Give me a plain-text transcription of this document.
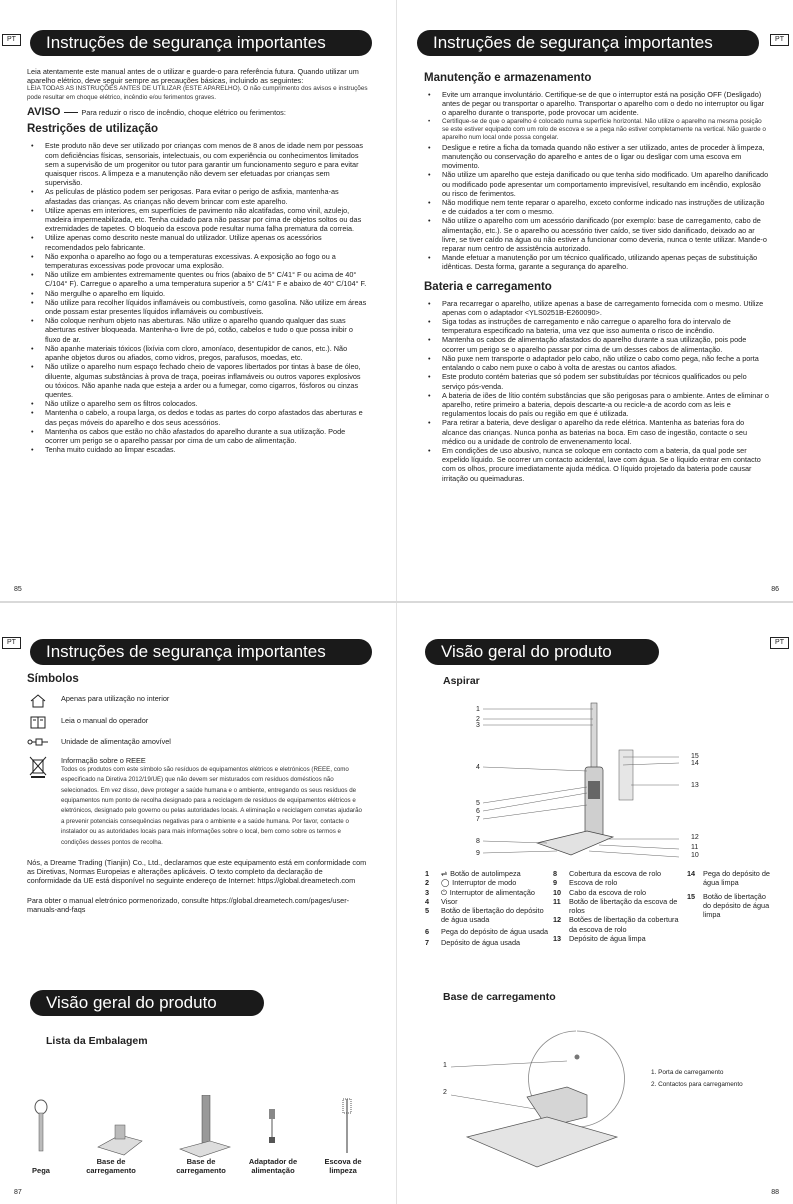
PT	Instruções de segurança importantes

Leia atentamente este manual antes de o utilizar e guarde-o para referência futura. Quando utilizar um aparelho elétrico, deve seguir sempre as precauções básicas, incluindo as seguintes:

LEIA TODAS AS INSTRUÇÕES ANTES DE UTILIZAR (ESTE APARELHO). O não cumprimento dos avisos e instruções pode resultar em choque elétrico, incêndio e/ou ferimentos graves.

AVISO	Para reduzir o risco de incêndio, choque elétrico ou ferimentos:
Restrições de utilização
• Este produto não deve ser utilizado por crianças com menos de 8 anos de idade nem por pessoas com deficiências físicas, sensoriais, intelectuais, ou com experiência ou conhecimentos limitados sem a supervisão de um progenitor ou tutor para garantir um funcionamento seguro e para evitar quaisquer riscos. A limpeza e a manutenção não devem ser efetuadas por crianças sem supervisão.
• As películas de plástico podem ser perigosas. Para evitar o perigo de asfixia, mantenha-as afastadas das crianças. As crianças não devem brincar com este aparelho.
• Utilize apenas em interiores, em superfícies de pavimento não alcatifadas, como vinil, azulejo, madeira impermeabilizada, etc. Tenha cuidado para não passar por cima de objetos soltos ou das extremidades de tapetes. O bloqueio da escova pode resultar numa falha prematura da correia.
• Utilize apenas como descrito neste manual do utilizador. Utilize apenas os acessórios recomendados pelo fabricante.
• Não exponha o aparelho ao fogo ou a temperaturas excessivas. A exposição ao fogo ou a temperaturas excessivas pode provocar uma explosão.
• Não utilize em ambientes extremamente quentes ou frios (abaixo de 5° C/41° F ou acima de 40° C/104° F). Carregue o aparelho a uma temperatura superior a 5° C/41° F e abaixo de 40° C/104° F.
• Não mergulhe o aparelho em líquido.
• Não utilize para recolher líquidos inflamáveis ou combustíveis, como gasolina. Não utilize em áreas onde possam estar presentes líquidos inflamáveis ou combustíveis.
• Não coloque nenhum objeto nas aberturas. Não utilize o aparelho quando qualquer das suas aberturas estiver bloqueada. Mantenha-o livre de pó, cotão, cabelos e tudo o que possa inibir o fluxo de ar.
• Não apanhe materiais tóxicos (lixívia com cloro, amoníaco, desentupidor de canos, etc.). Não apanhe objetos duros ou afiados, como vidros, pregos, parafusos, moedas, etc.
• Não utilize o aparelho num espaço fechado cheio de vapores libertados por tintas à base de óleo, diluente, algumas substâncias à prova de traça, poeiras inflamáveis ou outros vapores explosivos ou tóxicos. Não apanhe nada que esteja a arder ou a fumegar, como cigarros, fósforos ou cinzas quentes.
• Não utilize o aparelho sem os filtros colocados.
• Mantenha o cabelo, a roupa larga, os dedos e todas as partes do corpo afastados das aberturas e das peças móveis do aparelho e dos seus acessórios.
• Mantenha os cabos que estão no chão afastados do aparelho durante a sua utilização. Pode ocorrer um perigo se o aparelho passar por cima de um cabo de alimentação.
• Tenha muito cuidado ao limpar escadas.
85
Instruções de segurança importantes	PT
Manutenção e armazenamento
• Evite um arranque involuntário. Certifique-se de que o interruptor está na posição OFF (Desligado) antes de pegar ou transportar o aparelho. Transportar o aparelho com o dedo no interruptor ou ligar o aparelho durante o transporte, pode provocar um acidente.
• Certifique-se de que o aparelho é colocado numa superfície horizontal. Não utilize o aparelho na mesma posição se este estiver equipado com um rolo de escova e se a pega não estiver completamente na vertical. Não guarde o aparelho num local onde possa congelar.
• Desligue e retire a ficha da tomada quando não estiver a ser utilizado, antes de proceder à limpeza, manutenção ou conservação do aparelho e antes de o ligar ou desligar com uma escova em movimento.
• Não utilize um aparelho que esteja danificado ou que tenha sido modificado. Um aparelho danificado ou modificado pode apresentar um comportamento imprevisível, resultando em incêndio, explosão ou risco de ferimentos.
• Não modifique nem tente reparar o aparelho, exceto conforme indicado nas instruções de utilização e de cuidados a ter com o mesmo.
• Não utilize o aparelho com um acessório danificado (por exemplo: base de carregamento, cabo de alimentação, etc.). Se o aparelho ou acessório tiver caído, se tiver sido danificado, deixado ao ar livre, se tiver caído na água ou não estiver a funcionar como deveria, nunca o tente utilizar. Mande-o reparar num centro de assistência autorizado.
• Mande efetuar a manutenção por um técnico qualificado, utilizando apenas peças de substituição idênticas. Desta forma, garante a segurança do aparelho.
Bateria e carregamento
• Para recarregar o aparelho, utilize apenas a base de carregamento fornecida com o mesmo. Utilize apenas com o adaptador <YLS0251B-E260090>.
• Siga todas as instruções de carregamento e não carregue o aparelho fora do intervalo de temperatura especificado na bateria, uma vez que isso aumenta o risco de incêndio.
• Mantenha os cabos de alimentação afastados do aparelho durante a sua utilização, pois pode ocorrer um perigo se o aparelho passar por cima de um desses cabos de alimentação.
• Não puxe nem transporte o adaptador pelo cabo, não utilize o cabo como pega, não feche a porta entalando o cabo nem puxe o cabo à volta de arestas ou cantos afiados.
• Este produto contém baterias que só podem ser substituídas por técnicos qualificados ou pelo serviço pós-venda.
• A bateria de iões de lítio contém substâncias que são perigosas para o ambiente. Antes de eliminar o aparelho, retire primeiro a bateria, depois descarte-a ou recicle-a de acordo com as leis e regulamentos locais do país ou região em que é utilizada.
• Para retirar a bateria, deve desligar o aparelho da rede elétrica. Mantenha as baterias fora do alcance das crianças. Nunca ponha as baterias na boca. Em caso de ingestão, contacte o seu médico ou a unidade de controlo de envenenamento local.
• Em condições de uso abusivo, nunca se coloque em contacto com a bateria, da qual pode ser expelido líquido. Se ocorrer um contacto acidental, lave com água. Se o líquido entrar em contacto com os olhos, procure imediatamente ajuda médica. O líquido projetado da bateria pode causar irritação ou queimaduras.
86
PT	Instruções de segurança importantes
Símbolos
Apenas para utilização no interior
Leia o manual do operador
Unidade de alimentação amovível
Informação sobre o REEE
Todos os produtos com este símbolo são resíduos de equipamentos elétricos e eletrónicos (REEE, como especificado na Diretiva 2012/19/UE) que não devem ser misturados com resíduos domésticos não selecionados. Em vez disso, deve proteger a saúde humana e o ambiente, entregando os seus resíduos de equipamentos num ponto de recolha designado para a reciclagem de resíduos de equipamentos elétricos e eletrónicos, designado pelo governo ou pelas autoridades locais. A eliminação e reciclagem corretas ajudarão a prevenir potenciais consequências negativas para o ambiente e a saúde humana. Por favor, contacte o instalador ou as autoridades locais para mais informações sobre o local, bem como sobre os termos e condições desses pontos de recolha.

Nós, a Dreame Trading (Tianjin) Co., Ltd., declaramos que este equipamento está em conformidade com as Diretivas, Normas Europeias e alterações aplicáveis. O texto completo da declaração de conformidade da UE está disponível no seguinte endereço de Internet: https://global.dreametech.com

Para obter o manual eletrónico pormenorizado, consulte https://global.dreametech.com/pages/user-manuals-and-faqs

Visão geral do produto
Lista da Embalagem
Pega
Base de carregamento
Base de carregamento
Adaptador de alimentação
Escova de limpeza
87
Visão geral do produto	PT
Aspirar
1
2
3
4
5
6
7
8
9	10
11
12
13
14
15
1	⇌ Botão de autolimpeza
2	◯ Interruptor de modo
3	⏻ Interruptor de alimentação
4	Visor
5	Botão de libertação do depósito de água usada
6	Pega do depósito de água usada
7	Depósito de água usada
8	Cobertura da escova de rolo
9	Escova de rolo
10	Cabo da escova de rolo
11	Botão de libertação da escova de rolos
12	Botões de libertação da cobertura da escova de rolo
13	Depósito de água limpa
14	Pega do depósito de água limpa
15	Botão de libertação do depósito de água limpa
Base de carregamento
1
2
1. Porta de carregamento
2. Contactos para carregamento
88
